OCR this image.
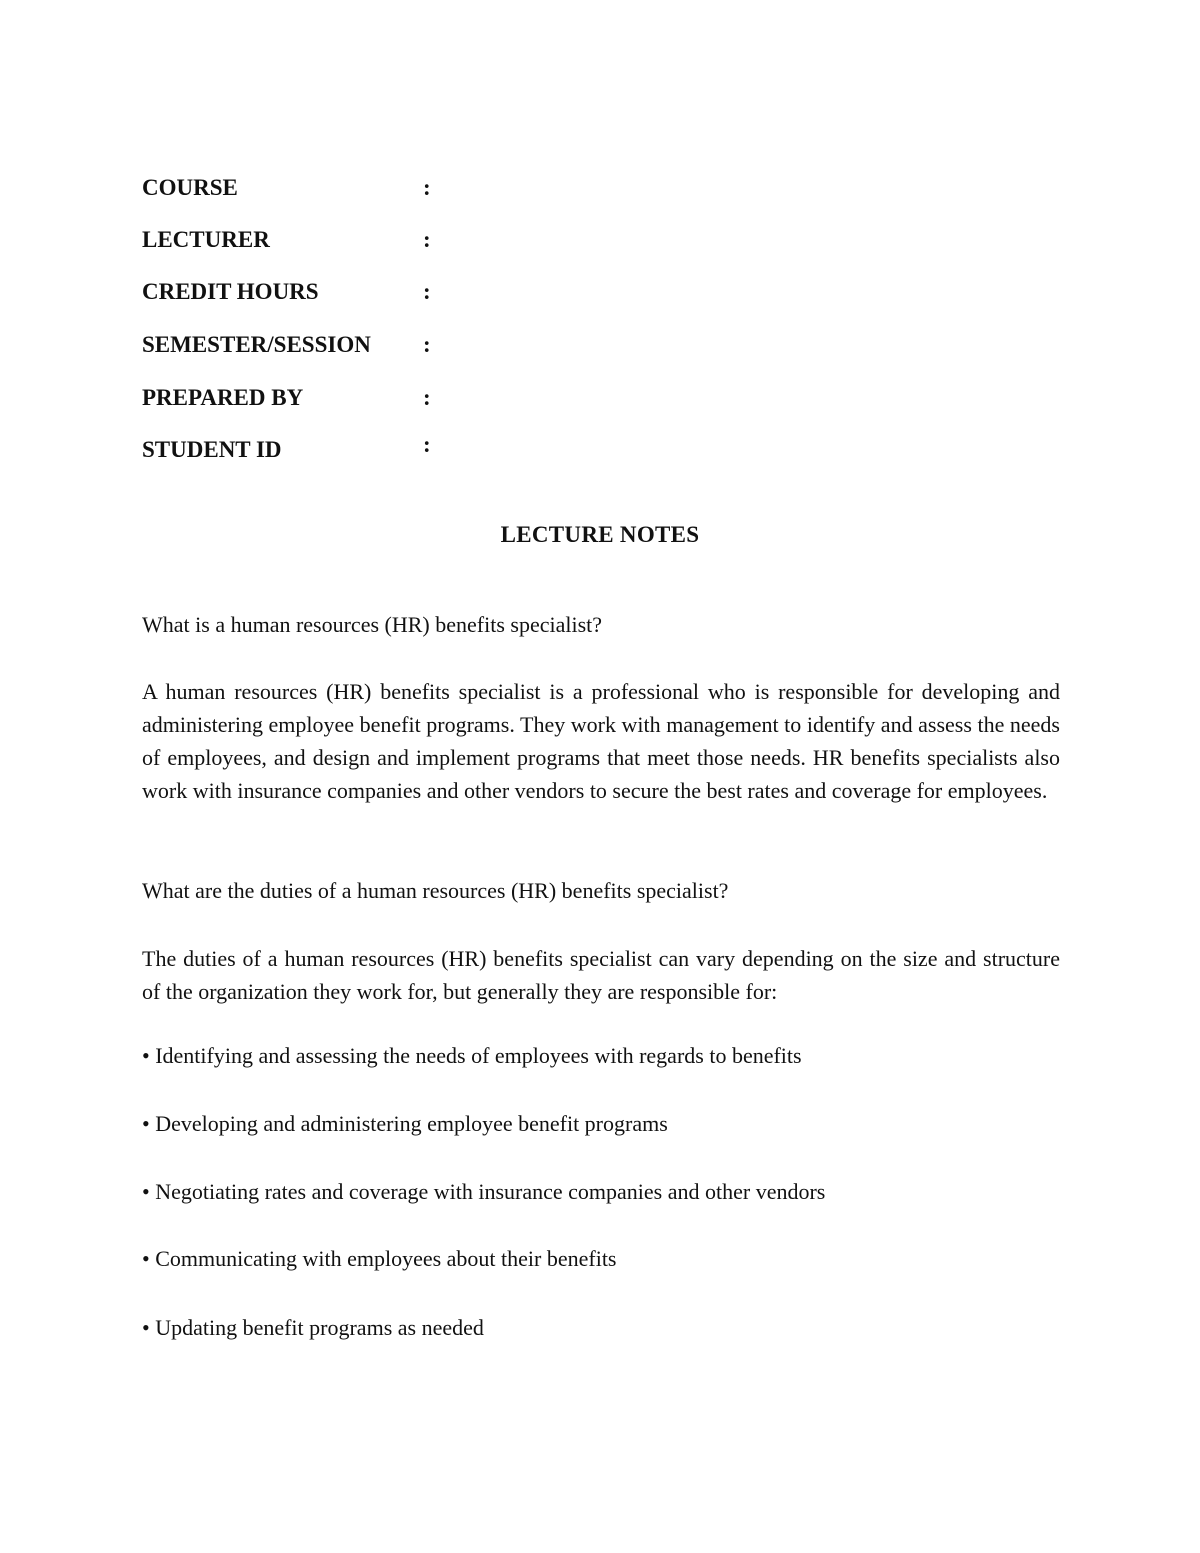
COURSE	:
LECTURER	:
CREDIT HOURS	:
SEMESTER/SESSION :
PREPARED BY	:
STUDENT ID	:
LECTURE NOTES
What is a human resources (HR) benefits specialist?
A human resources (HR) benefits specialist is a professional who is responsible for developing and administering employee benefit programs. They work with management to identify and assess the needs of employees, and design and implement programs that meet those needs. HR benefits specialists also work with insurance companies and other vendors to secure the best rates and coverage for employees.
What are the duties of a human resources (HR) benefits specialist?
The duties of a human resources (HR) benefits specialist can vary depending on the size and structure of the organization they work for, but generally they are responsible for:
• Identifying and assessing the needs of employees with regards to benefits
• Developing and administering employee benefit programs
• Negotiating rates and coverage with insurance companies and other vendors
• Communicating with employees about their benefits
• Updating benefit programs as needed
